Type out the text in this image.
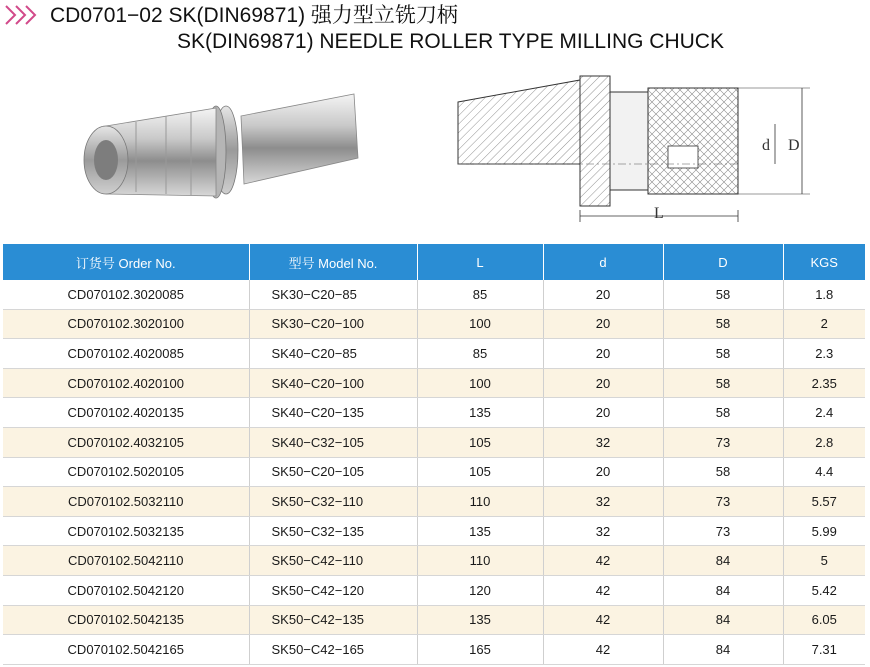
CD0701−02 SK(DIN69871) 强力型立铣刀柄
SK(DIN69871) NEEDLE ROLLER TYPE MILLING CHUCK
L
d D
订货号 Order No.	型号 Model No.	L	d	D	KGS
CD070102.3020085	SK30−C20−85	85	20	58	1.8
CD070102.3020100	SK30−C20−100	100	20	58	2
CD070102.4020085	SK40−C20−85	85	20	58	2.3
CD070102.4020100	SK40−C20−100	100	20	58	2.35
CD070102.4020135	SK40−C20−135	135	20	58	2.4
CD070102.4032105	SK40−C32−105	105	32	73	2.8
CD070102.5020105	SK50−C20−105	105	20	58	4.4
CD070102.5032110	SK50−C32−110	110	32	73	5.57
CD070102.5032135	SK50−C32−135	135	32	73	5.99
CD070102.5042110	SK50−C42−110	110	42	84	5
CD070102.5042120	SK50−C42−120	120	42	84	5.42
CD070102.5042135	SK50−C42−135	135	42	84	6.05
CD070102.5042165	SK50−C42−165	165	42	84	7.31
